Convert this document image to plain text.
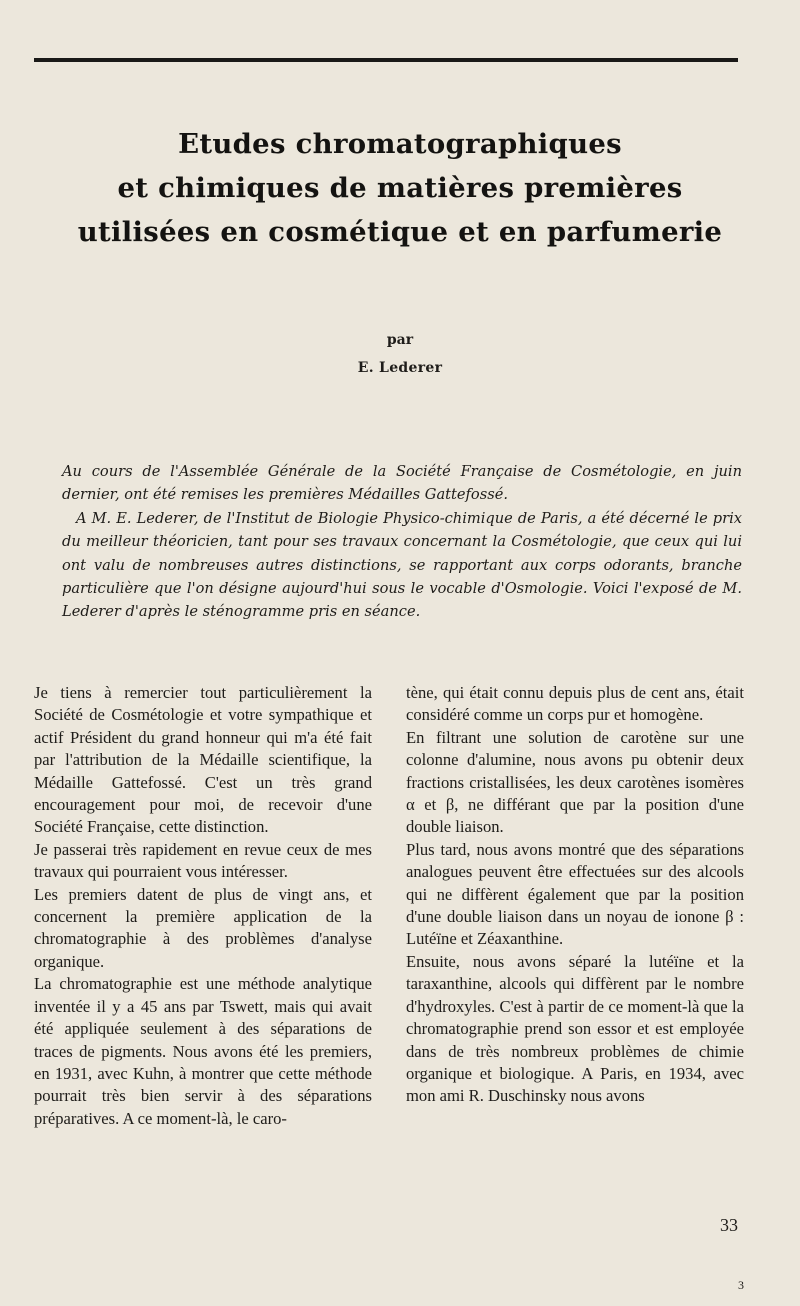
Etudes chromatographiques
et chimiques de matières premières
utilisées en cosmétique et en parfumerie
par
E. Lederer

Au cours de l'Assemblée Générale de la Société Française de Cosmétologie, en juin dernier, ont été remises les premières Médailles Gattefossé.

A M. E. Lederer, de l'Institut de Biologie Physico-chimique de Paris, a été décerné le prix du meilleur théoricien, tant pour ses travaux concernant la Cosmétologie, que ceux qui lui ont valu de nombreuses autres distinctions, se rapportant aux corps odorants, branche particulière que l'on désigne aujourd'hui sous le vocable d'Osmologie. Voici l'exposé de M. Lederer d'après le sténogramme pris en séance.

Je tiens à remercier tout particulièrement la Société de Cosmétologie et votre sympathique et actif Président du grand honneur qui m'a été fait par l'attribution de la Médaille scientifique, la Médaille Gattefossé. C'est un très grand encouragement pour moi, de recevoir d'une Société Française, cette distinction.

Je passerai très rapidement en revue ceux de mes travaux qui pourraient vous intéresser.

Les premiers datent de plus de vingt ans, et concernent la première application de la chromatographie à des problèmes d'analyse organique.

La chromatographie est une méthode analytique inventée il y a 45 ans par Tswett, mais qui avait été appliquée seulement à des séparations de traces de pigments. Nous avons été les premiers, en 1931, avec Kuhn, à montrer que cette méthode pourrait très bien servir à des séparations préparatives. A ce moment-là, le caro-

tène, qui était connu depuis plus de cent ans, était considéré comme un corps pur et homogène.

En filtrant une solution de carotène sur une colonne d'alumine, nous avons pu obtenir deux fractions cristallisées, les deux carotènes isomères α et β, ne différant que par la position d'une double liaison.

Plus tard, nous avons montré que des séparations analogues peuvent être effectuées sur des alcools qui ne diffèrent également que par la position d'une double liaison dans un noyau de ionone β : Lutéïne et Zéaxanthine.

Ensuite, nous avons séparé la lutéïne et la taraxanthine, alcools qui diffèrent par le nombre d'hydroxyles. C'est à partir de ce moment-là que la chromatographie prend son essor et est employée dans de très nombreux problèmes de chimie organique et biologique. A Paris, en 1934, avec mon ami R. Duschinsky nous avons

33
3
